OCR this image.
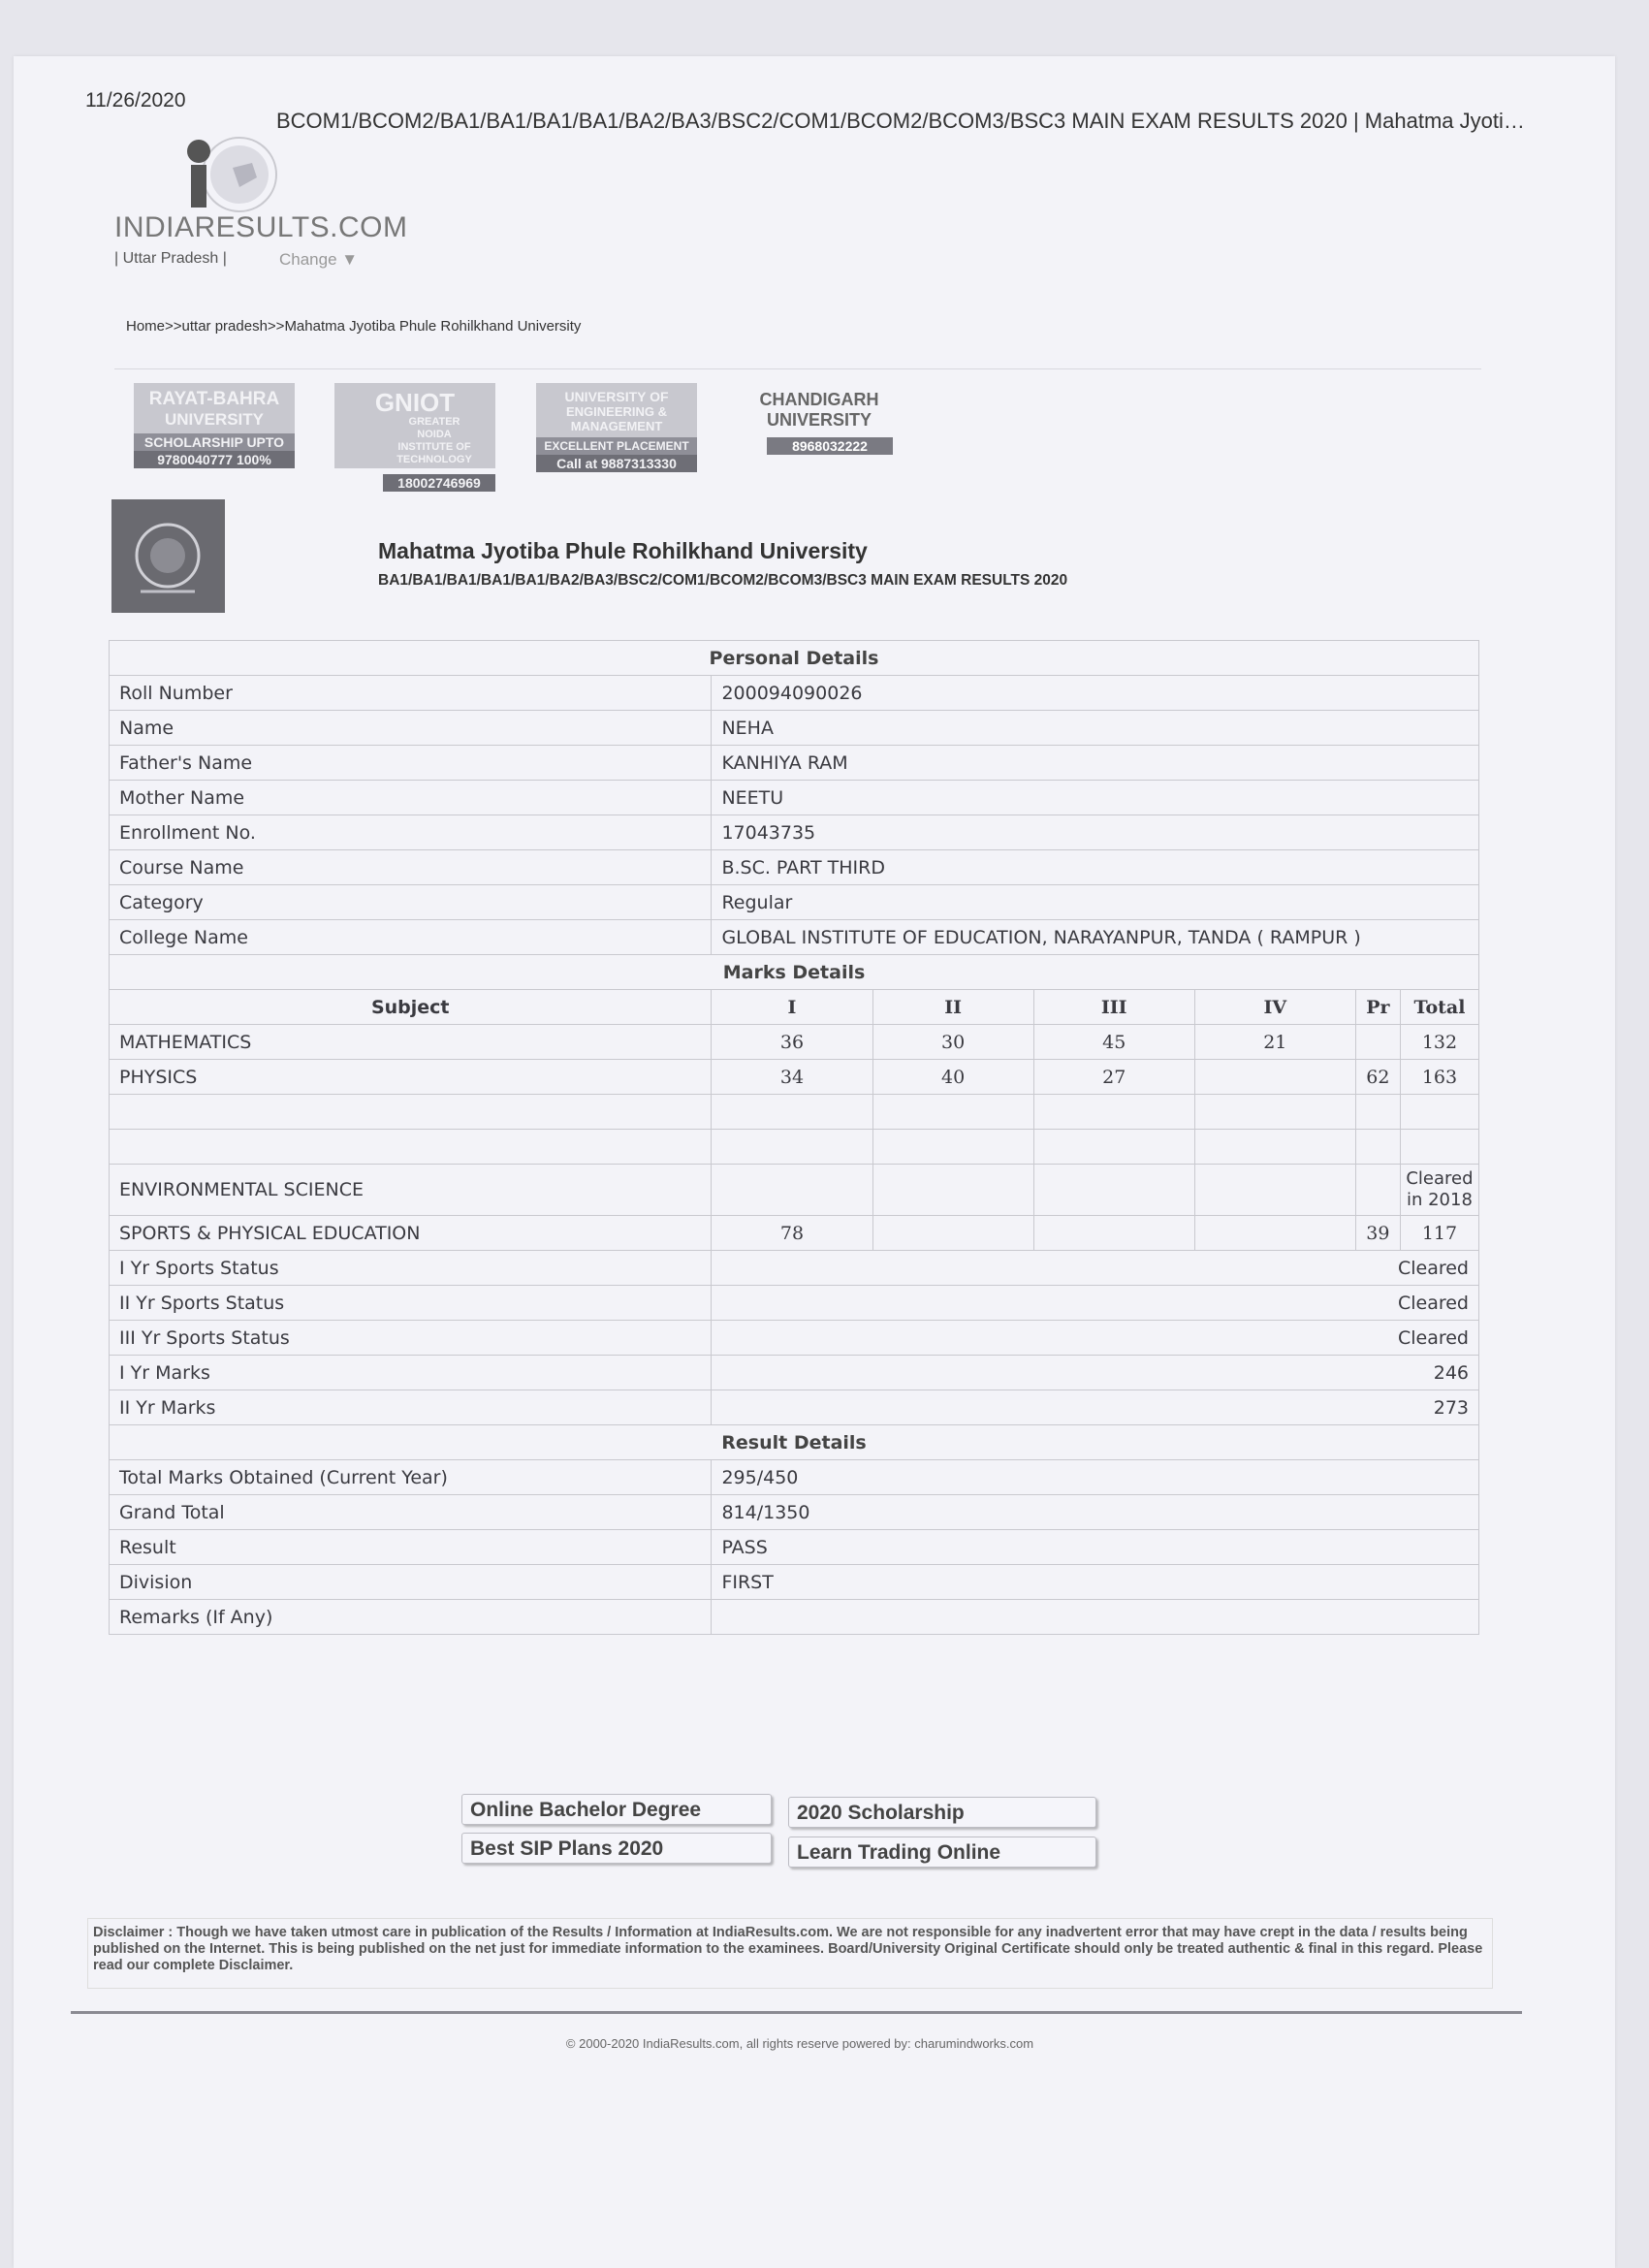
11/26/2020
BCOM1/BCOM2/BA1/BA1/BA1/BA1/BA2/BA3/BSC2/COM1/BCOM2/BCOM3/BSC3 MAIN EXAM RESULTS 2020 | Mahatma Jyoti…
INDIARESULTS.COM
| Uttar Pradesh |	Change ▼
Home>>uttar pradesh>>Mahatma Jyotiba Phule Rohilkhand University
RAYAT-BAHRA
UNIVERSITY
SCHOLARSHIP UPTO
9780040777 100%
GNIOT
GREATER NOIDA INSTITUTE OF TECHNOLOGY
18002746969
UNIVERSITY OF
ENGINEERING & MANAGEMENT
EXCELLENT PLACEMENT
Call at 9887313330
CHANDIGARH
UNIVERSITY
8968032222
Mahatma Jyotiba Phule Rohilkhand University
BA1/BA1/BA1/BA1/BA1/BA2/BA3/BSC2/COM1/BCOM2/BCOM3/BSC3 MAIN EXAM RESULTS 2020
Personal Details						
Roll Number	200094090026					
Name	NEHA					
Father's Name	KANHIYA RAM					
Mother Name	NEETU					
Enrollment No.	17043735					
Course Name	B.SC. PART THIRD					
Category	Regular					
College Name	GLOBAL INSTITUTE OF EDUCATION, NARAYANPUR, TANDA ( RAMPUR )					
Marks Details						
Subject	I	II	III	IV	Pr	Total
MATHEMATICS	36	30	45	21		132
PHYSICS	34	40	27		62	163

ENVIRONMENTAL SCIENCE						Cleared in 2018
SPORTS & PHYSICAL EDUCATION	78				39	117
I Yr Sports Status	Cleared					
II Yr Sports Status	Cleared					
III Yr Sports Status	Cleared					
I Yr Marks	246					
II Yr Marks	273					
Result Details						
Total Marks Obtained (Current Year)	295/450					
Grand Total	814/1350					
Result	PASS					
Division	FIRST					
Remarks (If Any)						
Online Bachelor Degree	2020 Scholarship
Best SIP Plans 2020	Learn Trading Online
Disclaimer : Though we have taken utmost care in publication of the Results / Information at IndiaResults.com. We are not responsible for any inadvertent error that may have crept in the data / results being published on the Internet. This is being published on the net just for immediate information to the examinees. Board/University Original Certificate should only be treated authentic & final in this regard. Please read our complete Disclaimer.
© 2000-2020 IndiaResults.com, all rights reserve powered by: charumindworks.com
